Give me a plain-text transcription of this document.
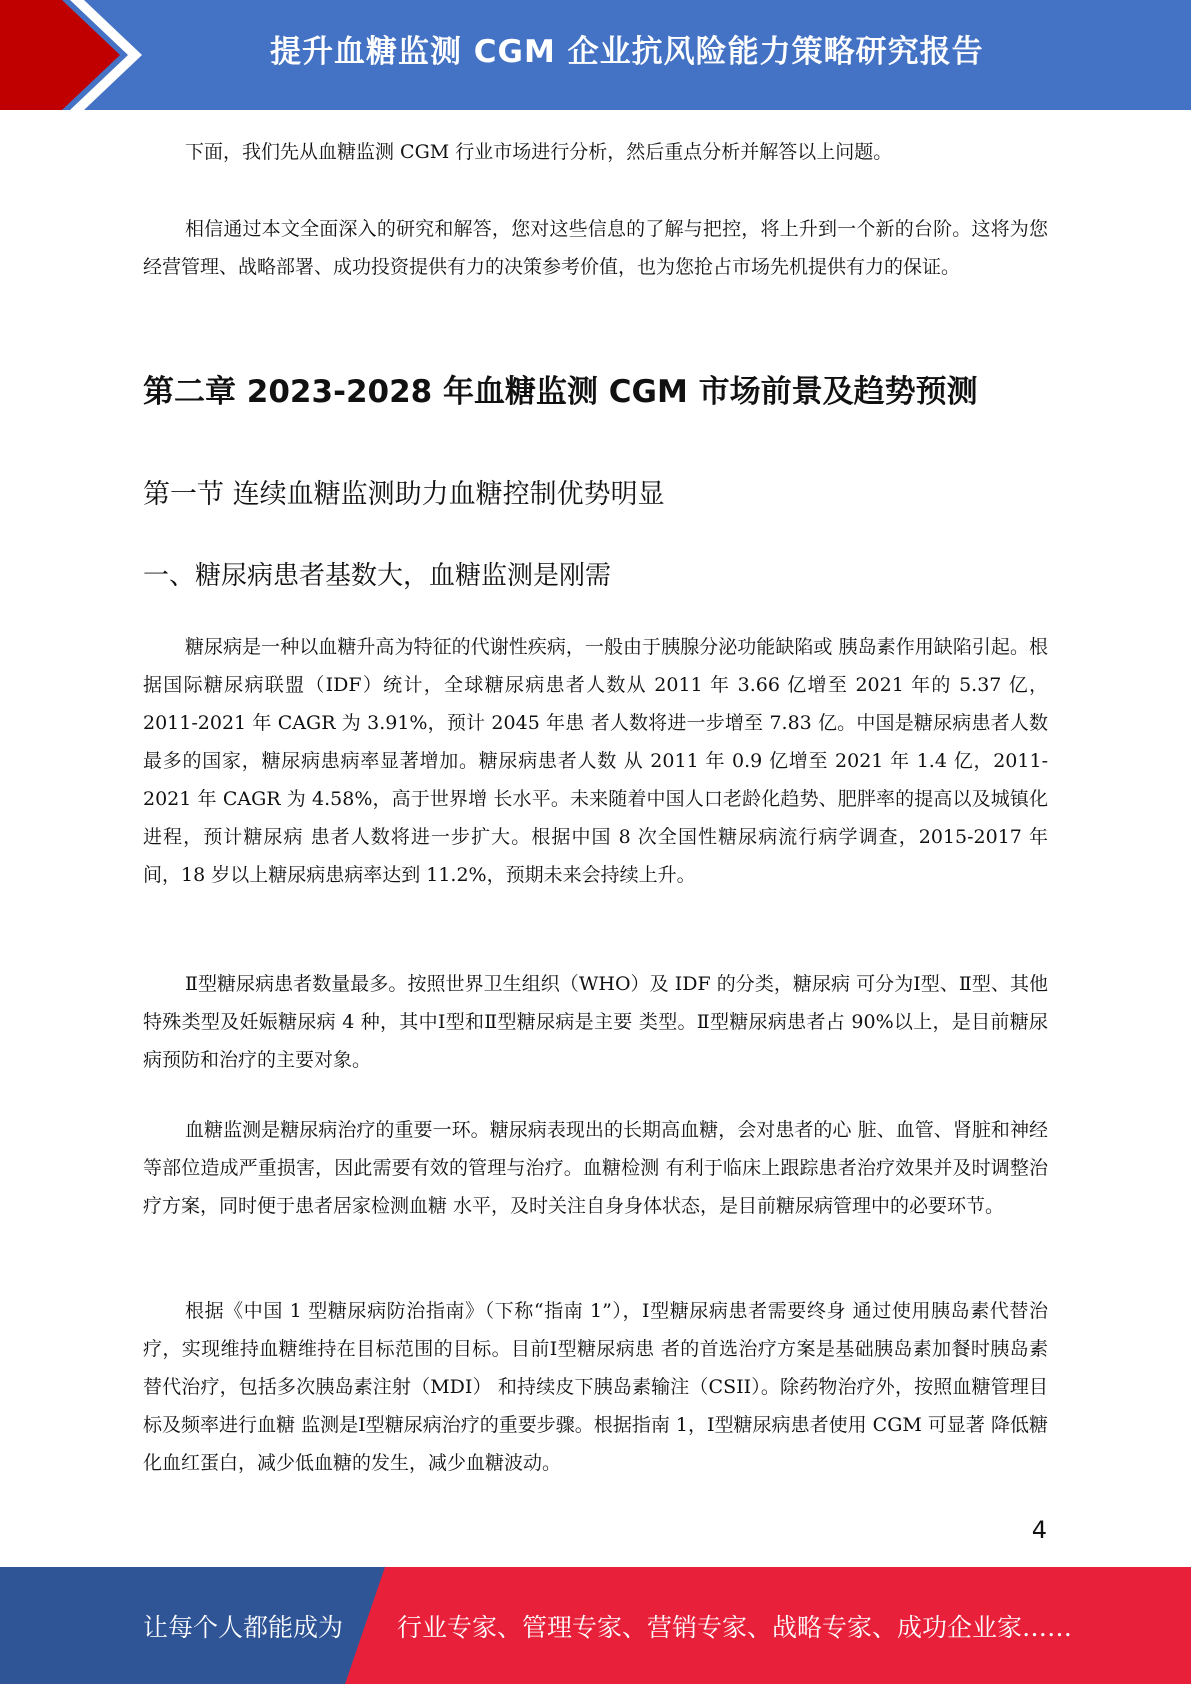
提升血糖监测 CGM 企业抗风险能力策略研究报告

下面，我们先从血糖监测 CGM 行业市场进行分析，然后重点分析并解答以上问题。

相信通过本文全面深入的研究和解答，您对这些信息的了解与把控，将上升到一个新的台阶。这将为您经营管理、战略部署、成功投资提供有力的决策参考价值，也为您抢占市场先机提供有力的保证。

第二章 2023-2028 年血糖监测 CGM 市场前景及趋势预测
第一节 连续血糖监测助力血糖控制优势明显
一、糖尿病患者基数大，血糖监测是刚需

糖尿病是一种以血糖升高为特征的代谢性疾病，一般由于胰腺分泌功能缺陷或 胰岛素作用缺陷引起。根据国际糖尿病联盟（IDF）统计，全球糖尿病患者人数从 2011 年 3.66 亿增至 2021 年的 5.37 亿，2011-2021 年 CAGR 为 3.91%，预计 2045 年患 者人数将进一步增至 7.83 亿。中国是糖尿病患者人数最多的国家，糖尿病患病率显著增加。糖尿病患者人数 从 2011 年 0.9 亿增至 2021 年 1.4 亿，2011-2021 年 CAGR 为 4.58%，高于世界增 长水平。未来随着中国人口老龄化趋势、肥胖率的提高以及城镇化进程，预计糖尿病 患者人数将进一步扩大。根据中国 8 次全国性糖尿病流行病学调查，2015-2017 年 间，18 岁以上糖尿病患病率达到 11.2%，预期未来会持续上升。

Ⅱ型糖尿病患者数量最多。按照世界卫生组织（WHO）及 IDF 的分类，糖尿病 可分为Ⅰ型、Ⅱ型、其他特殊类型及妊娠糖尿病 4 种，其中Ⅰ型和Ⅱ型糖尿病是主要 类型。Ⅱ型糖尿病患者占 90%以上，是目前糖尿病预防和治疗的主要对象。

血糖监测是糖尿病治疗的重要一环。糖尿病表现出的长期高血糖，会对患者的心 脏、血管、肾脏和神经等部位造成严重损害，因此需要有效的管理与治疗。血糖检测 有利于临床上跟踪患者治疗效果并及时调整治疗方案，同时便于患者居家检测血糖 水平，及时关注自身身体状态，是目前糖尿病管理中的必要环节。

根据《中国 1 型糖尿病防治指南》（下称“指南 1”），Ⅰ型糖尿病患者需要终身 通过使用胰岛素代替治疗，实现维持血糖维持在目标范围的目标。目前Ⅰ型糖尿病患 者的首选治疗方案是基础胰岛素加餐时胰岛素替代治疗，包括多次胰岛素注射（MDI） 和持续皮下胰岛素输注（CSII）。除药物治疗外，按照血糖管理目标及频率进行血糖 监测是Ⅰ型糖尿病治疗的重要步骤。根据指南 1，Ⅰ型糖尿病患者使用 CGM 可显著 降低糖化血红蛋白，减少低血糖的发生，减少血糖波动。

4
让每个人都能成为 行业专家、管理专家、营销专家、战略专家、成功企业家……
